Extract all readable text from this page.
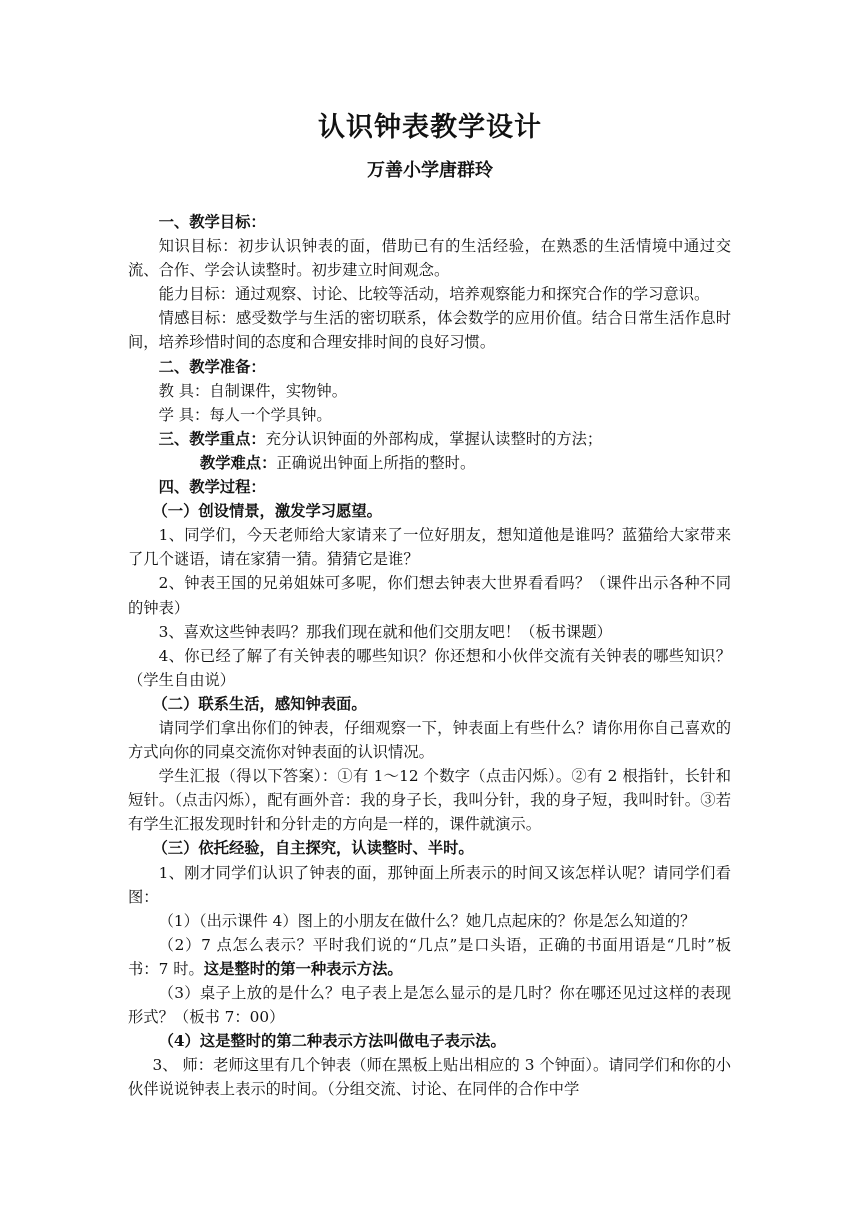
认识钟表教学设计
万善小学唐群玲

一、教学目标：

知识目标：初步认识钟表的面，借助已有的生活经验，在熟悉的生活情境中通过交流、合作、学会认读整时。初步建立时间观念。

能力目标：通过观察、讨论、比较等活动，培养观察能力和探究合作的学习意识。

情感目标：感受数学与生活的密切联系，体会数学的应用价值。结合日常生活作息时间，培养珍惜时间的态度和合理安排时间的良好习惯。

二、教学准备：

教 具：自制课件，实物钟。

学 具：每人一个学具钟。

三、教学重点：充分认识钟面的外部构成，掌握认读整时的方法；

教学难点：正确说出钟面上所指的整时。

四、教学过程：

（一）创设情景，激发学习愿望。

1、同学们，今天老师给大家请来了一位好朋友，想知道他是谁吗？蓝猫给大家带来了几个谜语，请在家猜一猜。猜猜它是谁？

2、钟表王国的兄弟姐妹可多呢，你们想去钟表大世界看看吗？（课件出示各种不同的钟表）

3、喜欢这些钟表吗？那我们现在就和他们交朋友吧！（板书课题）

4、你已经了解了有关钟表的哪些知识？你还想和小伙伴交流有关钟表的哪些知识？（学生自由说）

（二）联系生活，感知钟表面。

请同学们拿出你们的钟表，仔细观察一下，钟表面上有些什么？请你用你自己喜欢的方式向你的同桌交流你对钟表面的认识情况。

学生汇报（得以下答案）：①有 1～12 个数字（点击闪烁）。②有 2 根指针，长针和短针。（点击闪烁），配有画外音：我的身子长，我叫分针，我的身子短，我叫时针。③若有学生汇报发现时针和分针走的方向是一样的，课件就演示。

（三）依托经验，自主探究，认读整时、半时。

1、刚才同学们认识了钟表的面，那钟面上所表示的时间又该怎样认呢？请同学们看图：

（1）（出示课件 4）图上的小朋友在做什么？她几点起床的？你是怎么知道的？

（2）7 点怎么表示？平时我们说的“几点”是口头语，正确的书面用语是“几时”板书：7 时。这是整时的第一种表示方法。

（3）桌子上放的是什么？电子表上是怎么显示的是几时？你在哪还见过这样的表现形式？（板书 7：00）

（4）这是整时的第二种表示方法叫做电子表示法。

3、 师：老师这里有几个钟表（师在黑板上贴出相应的 3 个钟面）。请同学们和你的小伙伴说说钟表上表示的时间。（分组交流、讨论、在同伴的合作中学
